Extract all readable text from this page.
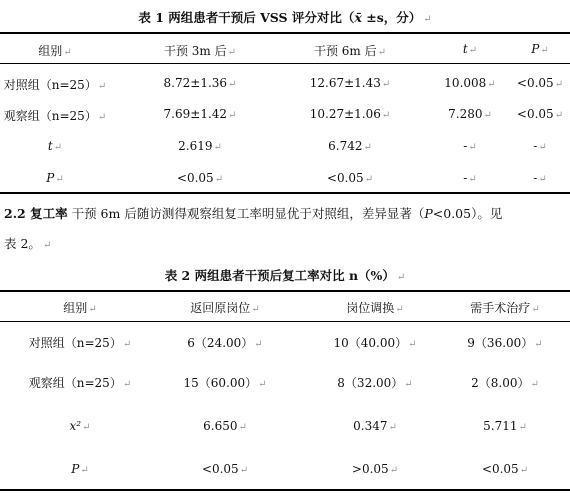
表 1 两组患者干预后 VSS 评分对比（x̄ ±s，分） ↵
组别↵	干预 3m 后↵	干预 6m 后↵	t↵	P↵
对照组（n=25）↵	8.72±1.36↵	12.67±1.43↵	10.008↵	<0.05↵
观察组（n=25）↵	7.69±1.42↵	10.27±1.06↵	7.280↵	<0.05↵
t↵	2.619↵	6.742↵	-↵	-↵
P↵	<0.05↵	<0.05↵	-↵	-↵
2.2 复工率 干预 6m 后随访测得观察组复工率明显优于对照组，差异显著（P<0.05）。见
表 2。 ↵
表 2 两组患者干预后复工率对比 n（%） ↵
组别↵	返回原岗位↵	岗位调换↵	需手术治疗↵
对照组（n=25）↵	6（24.00）↵	10（40.00）↵	9（36.00）↵
观察组（n=25）↵	15（60.00）↵	8（32.00）↵	2（8.00）↵
x²↵	6.650↵	0.347↵	5.711↵
P↵	<0.05↵	>0.05↵	<0.05↵
